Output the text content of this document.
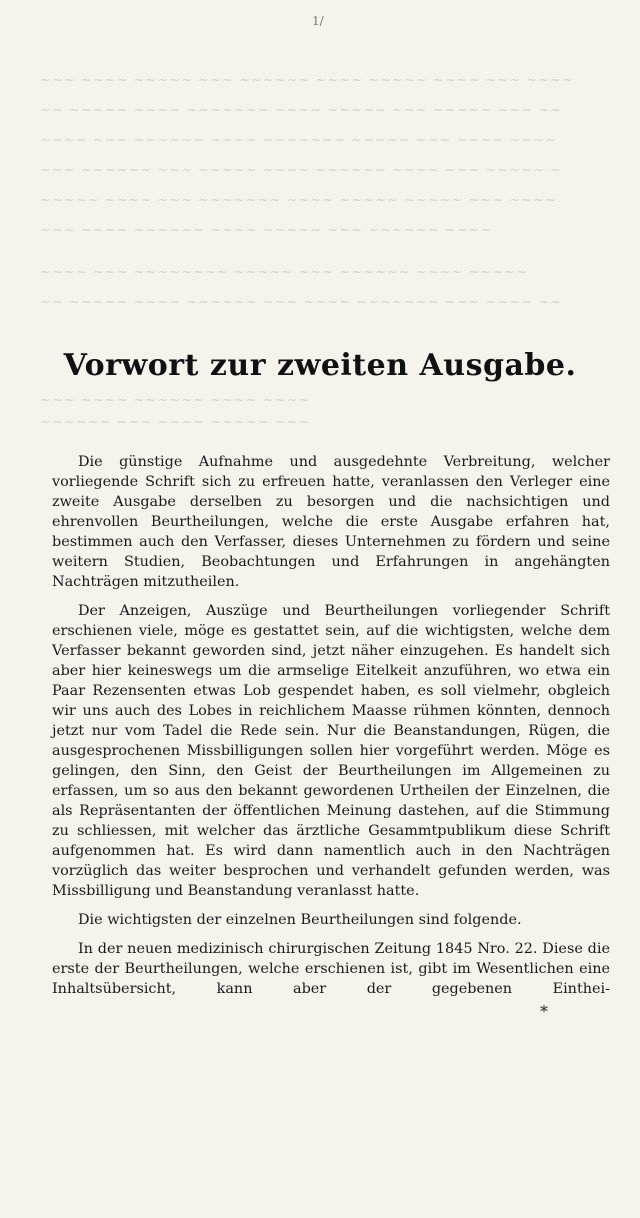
1/
~~~ ~~~~ ~~~~~ ~~~ ~~~~~~ ~~~~ ~~~~~ ~~~~ ~~~ ~~~~
~~ ~~~~~ ~~~~ ~~~~~~~ ~~~~ ~~~~~ ~~~ ~~~~~ ~~~ ~~
~~~~ ~~~ ~~~~~~ ~~~~ ~~~~~~~ ~~~~~ ~~~ ~~~~ ~~~~
~~~ ~~~~~~ ~~~ ~~~~~ ~~~~ ~~~~~~ ~~~~ ~~~ ~~~~~ ~
~~~~~ ~~~~ ~~~ ~~~~~~~ ~~~~ ~~~~~ ~~~~~ ~~~ ~~~~
~~~ ~~~~ ~~~~~~ ~~~~ ~~~~~ ~~~ ~~~~~~ ~~~~
~~~~ ~~~ ~~~~~~~~ ~~~~~ ~~~ ~~~~~~ ~~~~ ~~~~~
~~ ~~~~~ ~~~~ ~~~~~~ ~~~ ~~~~ ~~~~~~~ ~~~ ~~~~ ~~
~~~ ~~~~ ~~~~~~ ~~~~ ~~~~
~~~~~~ ~~~ ~~~~ ~~~~~ ~~~
Vorwort zur zweiten Ausgabe.

Die günstige Aufnahme und ausgedehnte Verbreitung, welcher vorliegende Schrift sich zu erfreuen hatte, veranlassen den Verleger eine zweite Ausgabe derselben zu besorgen und die nachsichtigen und ehrenvollen Beurtheilungen, welche die erste Ausgabe erfahren hat, bestimmen auch den Verfasser, dieses Unternehmen zu fördern und seine weitern Studien, Beobachtungen und Erfahrungen in angehängten Nachträgen mitzutheilen.

Der Anzeigen, Auszüge und Beurtheilungen vorliegender Schrift erschienen viele, möge es gestattet sein, auf die wichtigsten, welche dem Verfasser bekannt geworden sind, jetzt näher einzugehen. Es handelt sich aber hier keineswegs um die armselige Eitelkeit anzuführen, wo etwa ein Paar Rezensenten etwas Lob gespendet haben, es soll vielmehr, obgleich wir uns auch des Lobes in reichlichem Maasse rühmen könnten, dennoch jetzt nur vom Tadel die Rede sein. Nur die Beanstandungen, Rügen, die ausgesprochenen Missbilligungen sollen hier vorgeführt werden. Möge es gelingen, den Sinn, den Geist der Beurtheilungen im Allgemeinen zu erfassen, um so aus den bekannt gewordenen Urtheilen der Einzelnen, die als Repräsentanten der öffentlichen Meinung dastehen, auf die Stimmung zu schliessen, mit welcher das ärztliche Gesammtpublikum diese Schrift aufgenommen hat. Es wird dann namentlich auch in den Nachträgen vorzüglich das weiter besprochen und verhandelt gefunden werden, was Missbilligung und Beanstandung veranlasst hatte.

Die wichtigsten der einzelnen Beurtheilungen sind folgende.

In der neuen medizinisch chirurgischen Zeitung 1845 Nro. 22. Diese die erste der Beurtheilungen, welche erschienen ist, gibt im Wesentlichen eine Inhaltsübersicht, kann aber der gegebenen Einthei-

*
